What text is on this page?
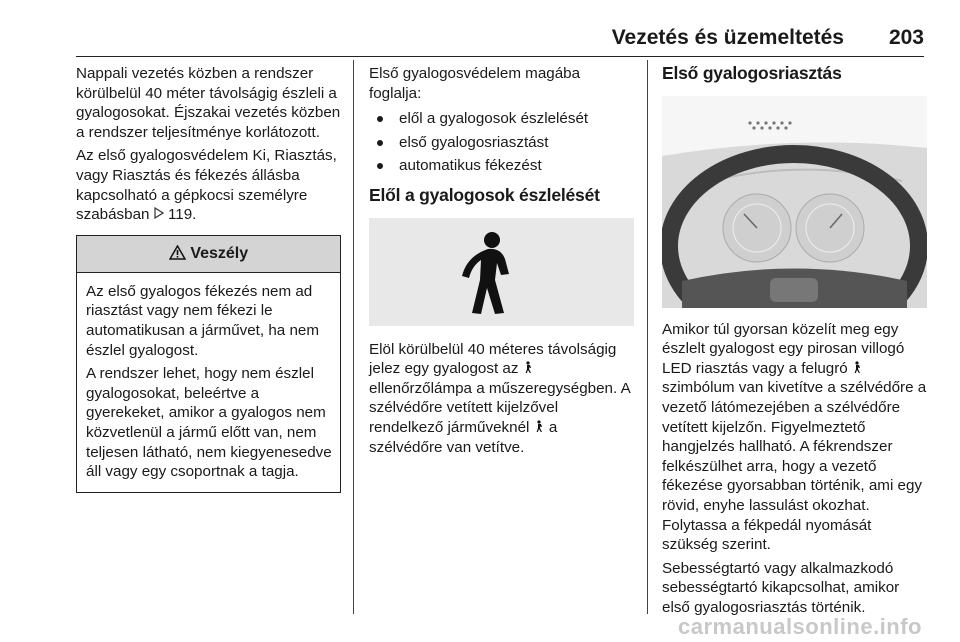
Vezetés és üzemeltetés 203

Nappali vezetés közben a rendszer körülbelül 40 méter távolságig észleli a gyalogosokat. Éjszakai vezetés közben a rendszer teljesítménye korlátozott.

Az első gyalogosvédelem Ki, Riasztás, vagy Riasztás és fékezés állásba kapcsolható a gépkocsi személyre szabásban 119.

Veszély

Az első gyalogos fékezés nem ad riasztást vagy nem fékezi le automatikusan a járművet, ha nem észlel gyalogost.

A rendszer lehet, hogy nem észlel gyalogosokat, beleértve a gyerekeket, amikor a gyalogos nem közvetlenül a jármű előtt van, nem teljesen látható, nem kiegyenesedve áll vagy egy csoportnak a tagja.

Első gyalogosvédelem magába foglalja:

elől a gyalogosok észlelését
első gyalogosriasztást
automatikus fékezést
Elől a gyalogosok észlelését

Elöl körülbelül 40 méteres távolságig jelez egy gyalogost az  ellenőrzőlámpa a műszeregységben. A szélvédőre vetített kijelzővel rendelkező járműveknél a szélvédőre van vetítve.

Első gyalogosriasztás

Amikor túl gyorsan közelít meg egy észlelt gyalogost egy pirosan villogó LED riasztás vagy a felugró  szimbólum van kivetítve a szélvédőre a vezető látómezejében a szélvédőre vetített kijelzőn. Figyelmeztető hangjelzés hallható. A fékrendszer felkészülhet arra, hogy a vezető fékezése gyorsabban történik, ami egy rövid, enyhe lassulást okozhat. Folytassa a fékpedál nyomását szükség szerint.

Sebességtartó vagy alkalmazkodó sebességtartó kikapcsolhat, amikor első gyalogosriasztás történik.

carmanualsonline.info
